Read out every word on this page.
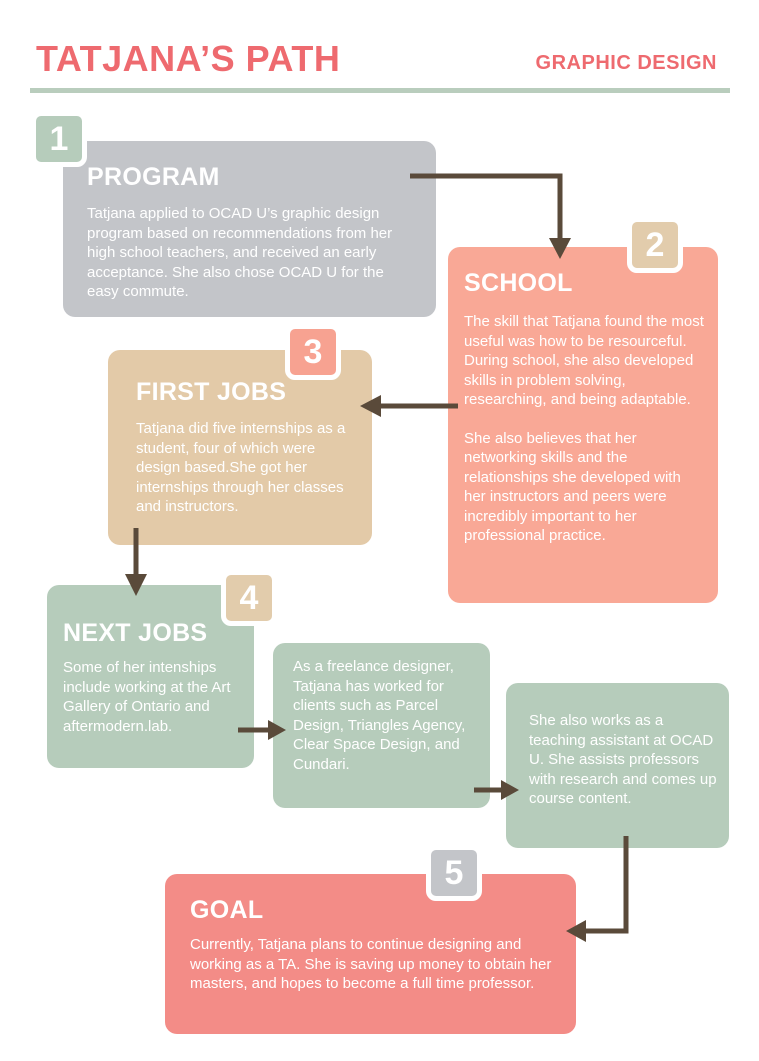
TATJANA’S PATH	GRAPHIC DESIGN
PROGRAM

Tatjana applied to OCAD U’s graphic design program based on recommendations from her high school teachers, and received an early acceptance. She also chose OCAD U for the easy commute.

1
SCHOOL

The skill that Tatjana found the most useful was how to be resourceful. During school, she also developed skills in problem solving, researching, and being adaptable.

She also believes that her networking skills and the relationships she developed with her instructors and peers were incredibly important to her professional practice.

2
FIRST JOBS

Tatjana did five internships as a student, four of which were design based.She got her internships through her classes and instructors.

3
NEXT JOBS

Some of her intenships include working at the Art Gallery of Ontario and aftermodern.lab.

4

As a freelance designer, Tatjana has worked for clients such as Parcel Design, Triangles Agency, Clear Space Design, and Cundari.

She also works as a teaching assistant at OCAD U. She assists professors with research and comes up course content.

GOAL

Currently, Tatjana plans to continue designing and working as a TA. She is saving up money to obtain her masters, and hopes to become a full time professor.

5
